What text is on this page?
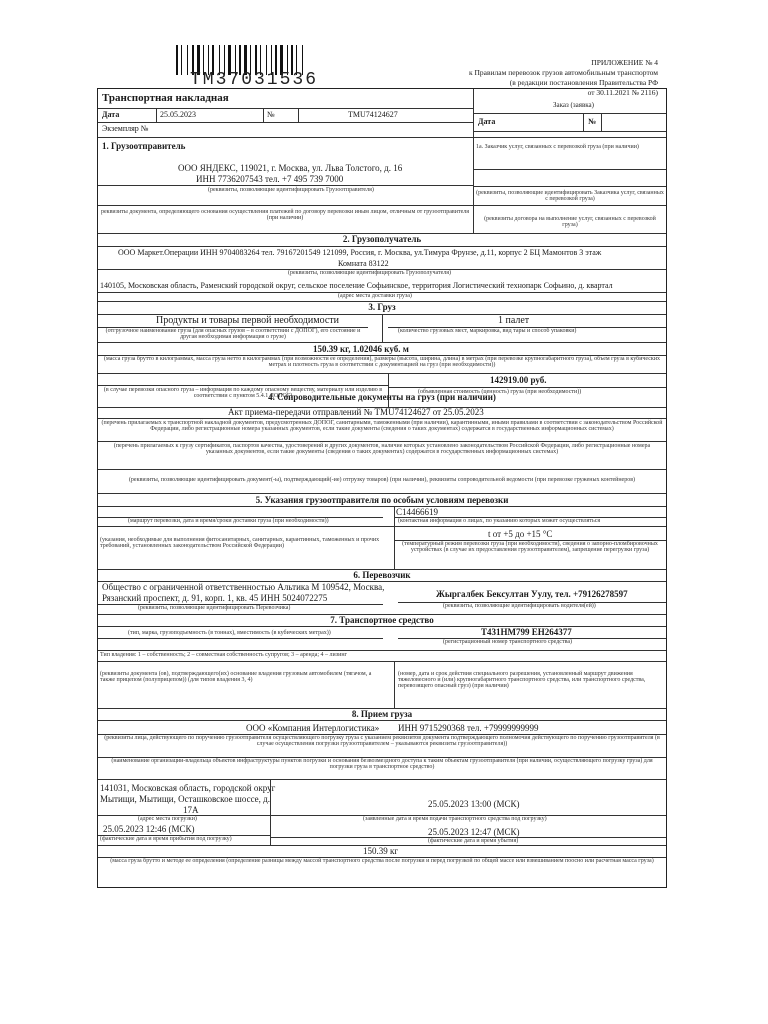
ТМ37031536
ПРИЛОЖЕНИЕ № 4
к Правилам перевозок грузов автомобильным транспортом
(в редакции постановления Правительства РФ
от 30.11.2021 № 2116)
Транспортная накладная
Дата	25.05.2023	№	TMU74124627
Экземпляр №
Заказ (заявка)
Дата	№
1. Грузоотправитель
ООО ЯНДЕКС, 119021, г. Москва, ул. Льва Толстого, д. 16
ИНН 7736207543 тел. +7 495 739 7000
(реквизиты, позволяющие идентифицировать Грузоотправителя)
1а. Заказчик услуг, связанных с перевозкой груза (при наличии)
(реквизиты, позволяющие идентифицировать Заказчика услуг, связанных с перевозкой груза)
реквизиты документа, определяющего основания осуществления платежей по договору перевозки иным лицом, отличным от грузоотправителя (при наличии)	(реквизиты договора на выполнение услуг, связанных с перевозкой груза)
2. Грузополучатель
ООО Маркет.Операции ИНН 9704083264 тел. 79167201549 121099, Россия, г. Москва, ул.Тимура Фрунзе, д.11, корпус 2 БЦ Мамонтов 3 этаж
Комната 83122
(реквизиты, позволяющие идентифицировать Грузополучателя)
140105, Московская область, Раменский городской округ, сельское поселение Софьинское, территория Логистический технопарк Софьино, д. квартал
(адрес места доставки груза)
3. Груз
Продукты и товары первой необходимости
(отгрузочное наименование груза (для опасных грузов – в соответствии с ДОПОГ), его состояние и другая необходимая информация о грузе)
1 палет
(количество грузовых мест, маркировка, вид тары и способ упаковки)
150.39 кг, 1.02046 куб. м
(масса груза брутто в килограммах, масса груза нетто в килограммах (при возможности ее определения), размеры (высота, ширина, длина) в метрах (при перевозке крупногабаритного груза), объем груза в кубических метрах и плотность груза в соответствии с документацией на груз (при необходимости))
142919.00 руб.
(в случае перевозки опасного груза – информация по каждому опасному веществу, материалу или изделию в соответствии с пунктом 5.4.1 ДОПОГ)
(объявленная стоимость (ценность) груза (при необходимости))
4. Сопроводительные документы на груз (при наличии)
Акт приема-передачи отправлений № TMU74124627 от 25.05.2023
(перечень прилагаемых к транспортной накладной документов, предусмотренных ДОПОГ, санитарными, таможенными (при наличии), карантинными, иными правилами в соответствии с законодательством Российской Федерации, либо регистрационные номера указанных документов, если такие документы (сведения о таких документах) содержатся в государственных информационных системах)
(перечень прилагаемых к грузу сертификатов, паспортов качества, удостоверений и других документов, наличие которых установлено законодательством Российской Федерации, либо регистрационные номера указанных документов, если такие документы (сведения о таких документах) содержатся в государственных информационных системах)
(реквизиты, позволяющие идентифицировать документ(-ы), подтверждающий(-ие) отгрузку товаров) (при наличии), реквизиты сопроводительной ведомости (при перевозке груженых контейнеров)
5. Указания грузоотправителя по особым условиям перевозки
(маршрут перевозки, дата и время/сроки доставки груза (при необходимости))
С14466619
(контактная информация о лицах, по указанию которых может осуществляться
(указания, необходимые для выполнения фитосанитарных, санитарных, карантинных, таможенных и прочих требований, установленных законодательством Российской Федерации)
t от +5 до +15 °С
(температурный режим перевозки груза (при необходимости), сведения о запорно-пломбировочных устройствах (в случае их предоставления грузоотправителем), запрещение перегрузки груза)
6. Перевозчик
Общество с ограниченной ответственностью Альтика М 109542, Москва,
Рязанский проспект, д. 91, корп. 1, кв. 45 ИНН 5024072275
(реквизиты, позволяющие идентифицировать Перевозчика)
Жыргалбек Бексултан Уулу, тел. +79126278597
(реквизиты, позволяющие идентифицировать водителя(ей))
7. Транспортное средство
(тип, марка, грузоподъемность (в тоннах), вместимость (в кубических метрах))	Т431НМ799 ЕН264377
(регистрационный номер транспортного средства)
Тип владения: 1 – собственность; 2 – совместная собственность супругов; 3 – аренда; 4 – лизинг
(реквизиты документа (ов), подтверждающего(их) основание владения грузовым автомобилем (тягачом, а также прицепом (полуприцепом)) (для типов владения 3, 4)
(номер, дата и срок действия специального разрешения, установленный маршрут движения тяжеловесного и (или) крупногабаритного транспортного средства, или транспортного средства, перевозящего опасный груз) (при наличии)
8. Прием груза
ООО «Компания Интерлогистика» ИНН 9715290368 тел. +79999999999
(реквизиты лица, действующего по поручению грузоотправителя осуществляющего погрузку груза с указанием реквизитов документа подтверждающего полномочия действующего по поручению грузоотправителя (в случае осуществления погрузки грузоотправителем – указываются реквизиты грузоотправителя))
(наименование организации-владельца объектов инфраструктуры пунктов погрузки и основания безвозмездного доступа к таким объектам грузоотправителя (при наличии, осуществляющего погрузку груза) для погрузки груза в транспортное средство)
141031, Московская область, городской округ
Мытищи, Мытищи, Осташковское шоссе, д.
17А
(адрес места погрузки)
25.05.2023 12:46 (МСК)
(фактические дата и время прибытия под погрузку)
25.05.2023 13:00 (МСК)
(заявленные дата и время подачи транспортного средства под погрузку)
25.05.2023 12:47 (МСК)
(фактические дата и время убытия)
150.39 кг
(масса груза брутто и методе ее определения (определение разницы между массой транспортного средства после погрузки и перед погрузкой по общей массе или взвешиванием поосно или расчетная масса груза)
